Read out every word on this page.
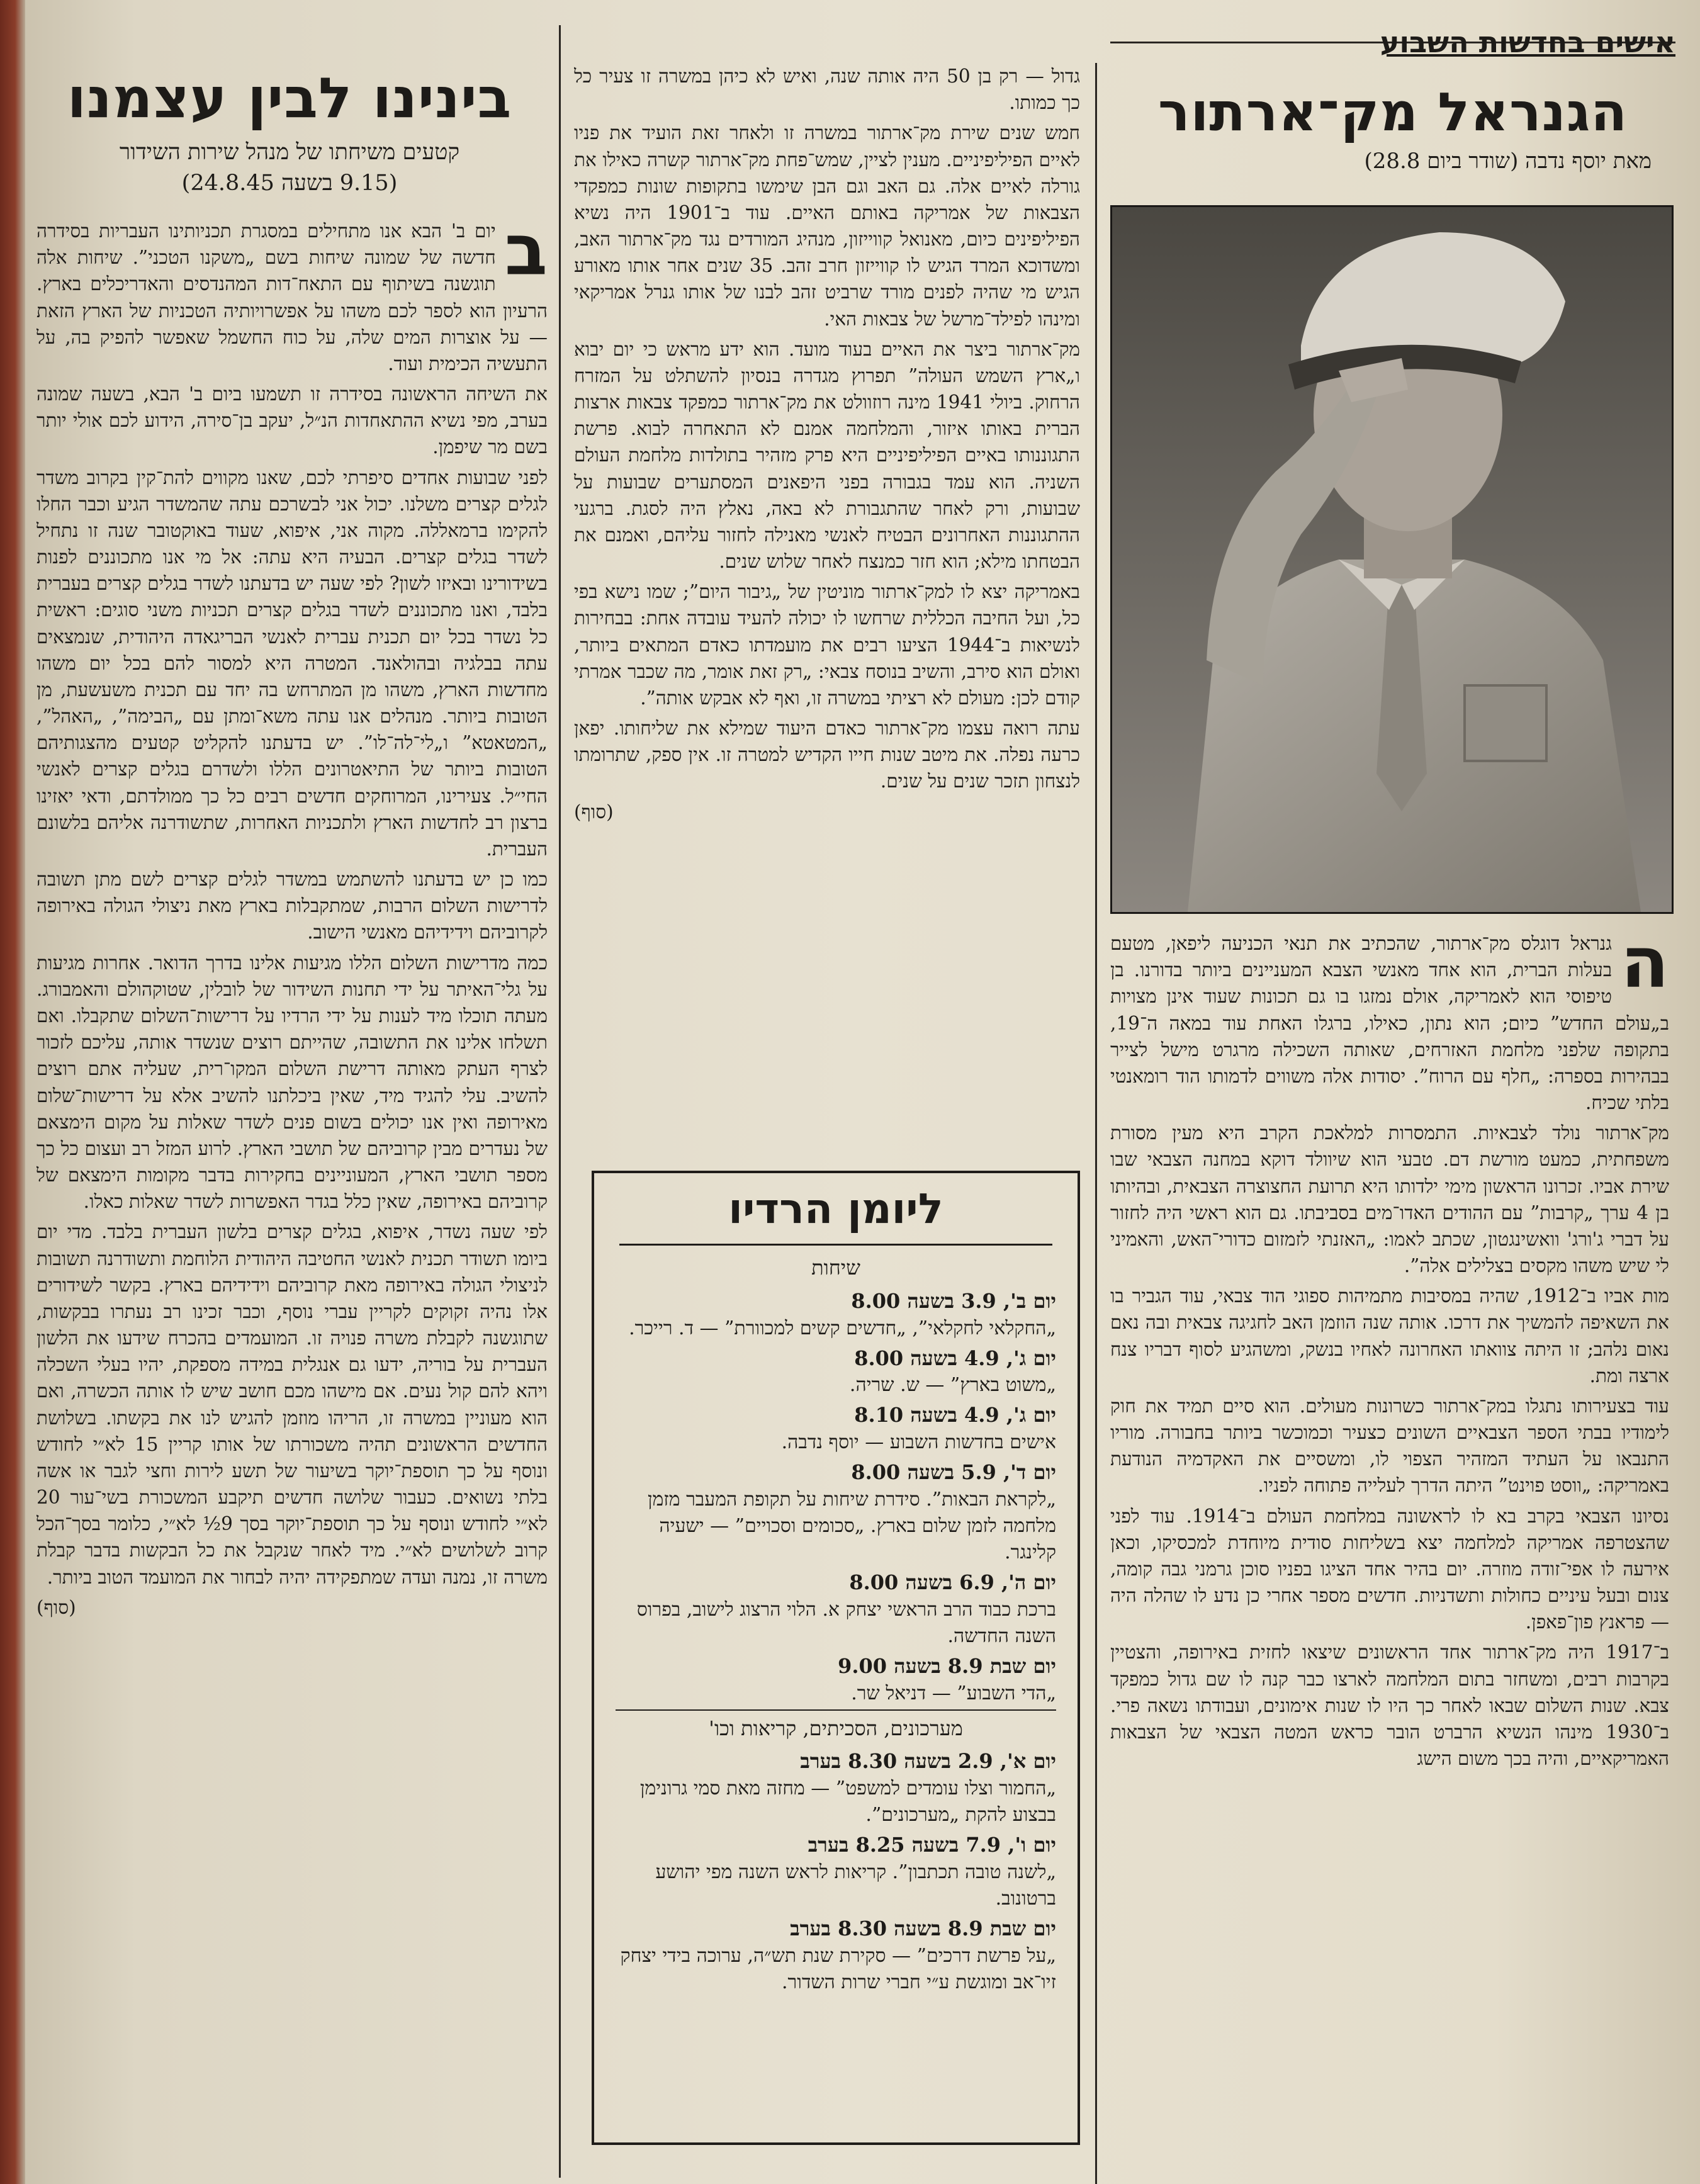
אישים בחדשות השבוע
הגנראל מק־ארתור
מאת יוסף נדבה (שודר ביום 28.8)

ה
גנראל דוגלס מק־ארתור, שהכתיב את תנאי הכניעה ליפאן, מטעם בעלות הברית, הוא אחד מאנשי הצבא המעניינים ביותר בדורנו. בן טיפוסי הוא לאמריקה, אולם נמזגו בו גם תכונות שעוד אינן מצויות ב„עולם החדש” כיום; הוא נתון, כאילו, ברגלו האחת עוד במאה ה־19, בתקופה שלפני מלחמת האזרחים, שאותה השכילה מרגרט מישל לצייר בבהירות בספרה: „חלף עם הרוח”. יסודות אלה משווים לדמותו הוד רומאנטי בלתי שכיח.

מק־ארתור נולד לצבאיות. התמסרות למלאכת הקרב היא מעין מסורת משפחתית, כמעט מורשת דם. טבעי הוא שיוולד דוקא במחנה הצבאי שבו שירת אביו. זכרונו הראשון מימי ילדותו היא תרועת החצוצרה הצבאית, ובהיותו בן 4 ערך „קרבות” עם ההודים האדו־מים בסביבתו. גם הוא ראשי היה לחזור על דברי ג'ורג' וואשינגטון, שכתב לאמו: „האזנתי לזמזום כדורי־האש, והאמיני לי שיש משהו מקסים בצלילים אלה”.

מות אביו ב־1912, שהיה במסיבות מתמיהות ספוגי הוד צבאי, עוד הגביר בו את השאיפה להמשיך את דרכו. אותה שנה הוזמן האב לחגיגה צבאית ובה נאם נאום נלהב; זו היתה צוואתו האחרונה לאחיו בנשק, ומשהגיע לסוף דבריו צנח ארצה ומת.

עוד בצעירותו נתגלו במק־ארתור כשרונות מעולים. הוא סיים תמיד את חוק לימודיו בבתי הספר הצבאיים השונים כצעיר וכמוכשר ביותר בחבורה. מוריו התנבאו על העתיד המזהיר הצפוי לו, ומשסיים את האקדמיה הנודעת באמריקה: „ווסט פוינט” היתה הדרך לעלייה פתוחה לפניו.

נסיונו הצבאי בקרב בא לו לראשונה במלחמת העולם ב־1914. עוד לפני שהצטרפה אמריקה למלחמה יצא בשליחות סודית מיוחדת למכסיקו, וכאן אירעה לו אפי־זודה מוזרה. יום בהיר אחד הציגו בפניו סוכן גרמני גבה קומה, צנום ובעל עיניים כחולות ותשדניות. חדשים מספר אחרי כן נדע לו שהלה היה — פראנץ פון־פאפן.

ב־1917 היה מק־ארתור אחד הראשונים שיצאו לחזית באירופה, והצטיין בקרבות רבים, ומשחזר בתום המלחמה לארצו כבר קנה לו שם גדול כמפקד צבא. שנות השלום שבאו לאחר כך היו לו שנות אימונים, ועבודתו נשאה פרי. ב־1930 מינהו הנשיא הרברט הובר כראש המטה הצבאי של הצבאות האמריקאיים, והיה בכך משום הישג

גדול — רק בן 50 היה אותה שנה, ואיש לא כיהן במשרה זו צעיר כל כך כמותו.

חמש שנים שירת מק־ארתור במשרה זו ולאחר זאת הועיד את פניו לאיים הפיליפיניים. מענין לציין, שמש־פחת מק־ארתור קשרה כאילו את גורלה לאיים אלה. גם האב וגם הבן שימשו בתקופות שונות כמפקדי הצבאות של אמריקה באותם האיים. עוד ב־1901 היה נשיא הפיליפינים כיום, מאנואל קווייזון, מנהיג המורדים נגד מק־ארתור האב, ומשדוכא המרד הגיש לו קווייזון חרב זהב. 35 שנים אחר אותו מאורע הגיש מי שהיה לפנים מורד שרביט זהב לבנו של אותו גנרל אמריקאי ומינהו לפילד־מרשל של צבאות האי.

מק־ארתור ביצר את האיים בעוד מועד. הוא ידע מראש כי יום יבוא ו„ארץ השמש העולה” תפרוץ מגדרה בנסיון להשתלט על המזרח הרחוק. ביולי 1941 מינה רוזוולט את מק־ארתור כמפקד צבאות ארצות הברית באותו איזור, והמלחמה אמנם לא התאחרה לבוא. פרשת התגוננותו באיים הפיליפיניים היא פרק מזהיר בתולדות מלחמת העולם השניה. הוא עמד בגבורה בפני היפאנים המסתערים שבועות על שבועות, ורק לאחר שהתגבורת לא באה, נאלץ היה לסגת. ברגעי ההתגוננות האחרונים הבטיח לאנשי מאנילה לחזור עליהם, ואמנם את הבטחתו מילא; הוא חזר כמנצח לאחר שלוש שנים.

באמריקה יצא לו למק־ארתור מוניטין של „גיבור היום”; שמו נישא בפי כל, ועל החיבה הכללית שרחשו לו יכולה להעיד עובדה אחת: בבחירות לנשיאות ב־1944 הציעו רבים את מועמדתו כאדם המתאים ביותר, ואולם הוא סירב, והשיב בנוסח צבאי: „רק זאת אומר, מה שכבר אמרתי קודם לכן: מעולם לא רציתי במשרה זו, ואף לא אבקש אותה”.

עתה רואה עצמו מק־ארתור כאדם היעוד שמילא את שליחותו. יפאן כרעה נפלה. את מיטב שנות חייו הקדיש למטרה זו. אין ספק, שתרומתו לנצחון תזכר שנים על שנים.

(סוף)
ליומן הרדיו
שיחות
יום ב', 3.9 בשעה 8.00
„החקלאי לחקלאי”, „חדשים קשים למכוורת” — ד. רייכר.
יום ג', 4.9 בשעה 8.00
„משוט בארץ” — ש. שריה.
יום ג', 4.9 בשעה 8.10
אישים בחדשות השבוע — יוסף נדבה.
יום ד', 5.9 בשעה 8.00
„לקראת הבאות”. סידרת שיחות על תקופת המעבר מזמן מלחמה לזמן שלום בארץ. „סכומים וסכויים” — ישעיה קלינגר.
יום ה', 6.9 בשעה 8.00
ברכת כבוד הרב הראשי יצחק א. הלוי הרצוג לישוב, בפרוס השנה החדשה.
יום שבת 8.9 בשעה 9.00
„הדי השבוע” — דניאל שר.
מערכונים, הסכיתים, קריאות וכו'
יום א', 2.9 בשעה 8.30 בערב
„החמור וצלו עומדים למשפט” — מחזה מאת סמי גרונימן בבצוע להקת „מערכונים”.
יום ו', 7.9 בשעה 8.25 בערב
„לשנה טובה תכתבון”. קריאות לראש השנה מפי יהושע ברטונוב.
יום שבת 8.9 בשעה 8.30 בערב
„על פרשת דרכים” — סקירת שנת תש״ה, ערוכה בידי יצחק זיו־אב ומוגשת ע״י חברי שרות השדור.
בינינו לבין עצמנו
קטעים משיחתו של מנהל שירות השידור
(9.15 בשעה 24.8.45)

ב
יום ב' הבא אנו מתחילים במסגרת תכניותינו העבריות בסידרה חדשה של שמונה שיחות בשם „משקנו הטכני”. שיחות אלה תוגשנה בשיתוף עם התאח־דות המהנדסים והאדריכלים בארץ. הרעיון הוא לספר לכם משהו על אפשרויותיה הטכניות של הארץ הזאת — על אוצרות המים שלה, על כוח החשמל שאפשר להפיק בה, על התעשיה הכימית ועוד.

את השיחה הראשונה בסידרה זו תשמעו ביום ב' הבא, בשעה שמונה בערב, מפי נשיא ההתאחדות הנ״ל, יעקב בן־סירה, הידוע לכם אולי יותר בשם מר שיפמן.

לפני שבועות אחדים סיפרתי לכם, שאנו מקווים להת־קין בקרוב משדר לגלים קצרים משלנו. יכול אני לבשרכם עתה שהמשדר הגיע וכבר החלו להקימו ברמאללה. מקוה אני, איפוא, שעוד באוקטובר שנה זו נתחיל לשדר בגלים קצרים. הבעיה היא עתה: אל מי אנו מתכוננים לפנות בשידורינו ובאיזו לשון? לפי שעה יש בדעתנו לשדר בגלים קצרים בעברית בלבד, ואנו מתכוננים לשדר בגלים קצרים תכניות משני סוגים: ראשית כל נשדר בכל יום תכנית עברית לאנשי הבריגאדה היהודית, שנמצאים עתה בבלגיה ובהולאנד. המטרה היא למסור להם בכל יום משהו מחדשות הארץ, משהו מן המתרחש בה יחד עם תכנית משעשעת, מן הטובות ביותר. מנהלים אנו עתה משא־ומתן עם „הבימה”, „האהל”, „המטאטא” ו„לי־לה־לו”. יש בדעתנו להקליט קטעים מהצגותיהם הטובות ביותר של התיאטרונים הללו ולשדרם בגלים קצרים לאנשי החי״ל. צעירינו, המרוחקים חדשים רבים כל כך ממולדתם, ודאי יאזינו ברצון רב לחדשות הארץ ולתכניות האחרות, שתשודרנה אליהם בלשונם העברית.

כמו כן יש בדעתנו להשתמש במשדר לגלים קצרים לשם מתן תשובה לדרישות השלום הרבות, שמתקבלות בארץ מאת ניצולי הגולה באירופה לקרוביהם וידידיהם מאנשי הישוב.

כמה מדרישות השלום הללו מגיעות אלינו בדרך הדואר. אחרות מגיעות על גלי־האיתר על ידי תחנות השידור של לובלין, שטוקהולם והאמבורג. מעתה תוכלו מיד לענות על ידי הרדיו על דרישות־השלום שתקבלו. ואם תשלחו אלינו את התשובה, שהייתם רוצים שנשדר אותה, עליכם לזכור לצרף העתק מאותה דרישת השלום המקו־רית, שעליה אתם רוצים להשיב. עלי להגיד מיד, שאין ביכלתנו להשיב אלא על דרישות־שלום מאירופה ואין אנו יכולים בשום פנים לשדר שאלות על מקום הימצאם של נעדרים מבין קרוביהם של תושבי הארץ. לרוע המזל רב ועצום כל כך מספר תושבי הארץ, המעוניינים בחקירות בדבר מקומות הימצאם של קרוביהם באירופה, שאין כלל בגדר האפשרות לשדר שאלות כאלו.

לפי שעה נשדר, איפוא, בגלים קצרים בלשון העברית בלבד. מדי יום ביומו תשודר תכנית לאנשי החטיבה היהודית הלוחמת ותשודרנה תשובות לניצולי הגולה באירופה מאת קרוביהם וידידיהם בארץ. בקשר לשידורים אלו נהיה זקוקים לקריין עברי נוסף, וכבר זכינו רב נעתרו בבקשות, שתוגשנה לקבלת משרה פנויה זו. המועמדים בהכרח שידעו את הלשון העברית על בוריה, ידעו גם אנגלית במידה מספקת, יהיו בעלי השכלה ויהא להם קול נעים. אם מישהו מכם חושב שיש לו אותה הכשרה, ואם הוא מעוניין במשרה זו, הריהו מוזמן להגיש לנו את בקשתו. בשלושת החדשים הראשונים תהיה משכורתו של אותו קריין 15 לא״י לחודש ונוסף על כך תוספת־יוקר בשיעור של תשע לירות וחצי לגבר או אשה בלתי נשואים. כעבור שלושה חדשים תיקבע המשכורת בשי־עור 20 לא״י לחודש ונוסף על כך תוספת־יוקר בסך 9½ לא״י, כלומר בסך־הכל קרוב לשלושים לא״י. מיד לאחר שנקבל את כל הבקשות בדבר קבלת משרה זו, נמנה ועדה שמתפקידה יהיה לבחור את המועמד הטוב ביותר.

(סוף)
